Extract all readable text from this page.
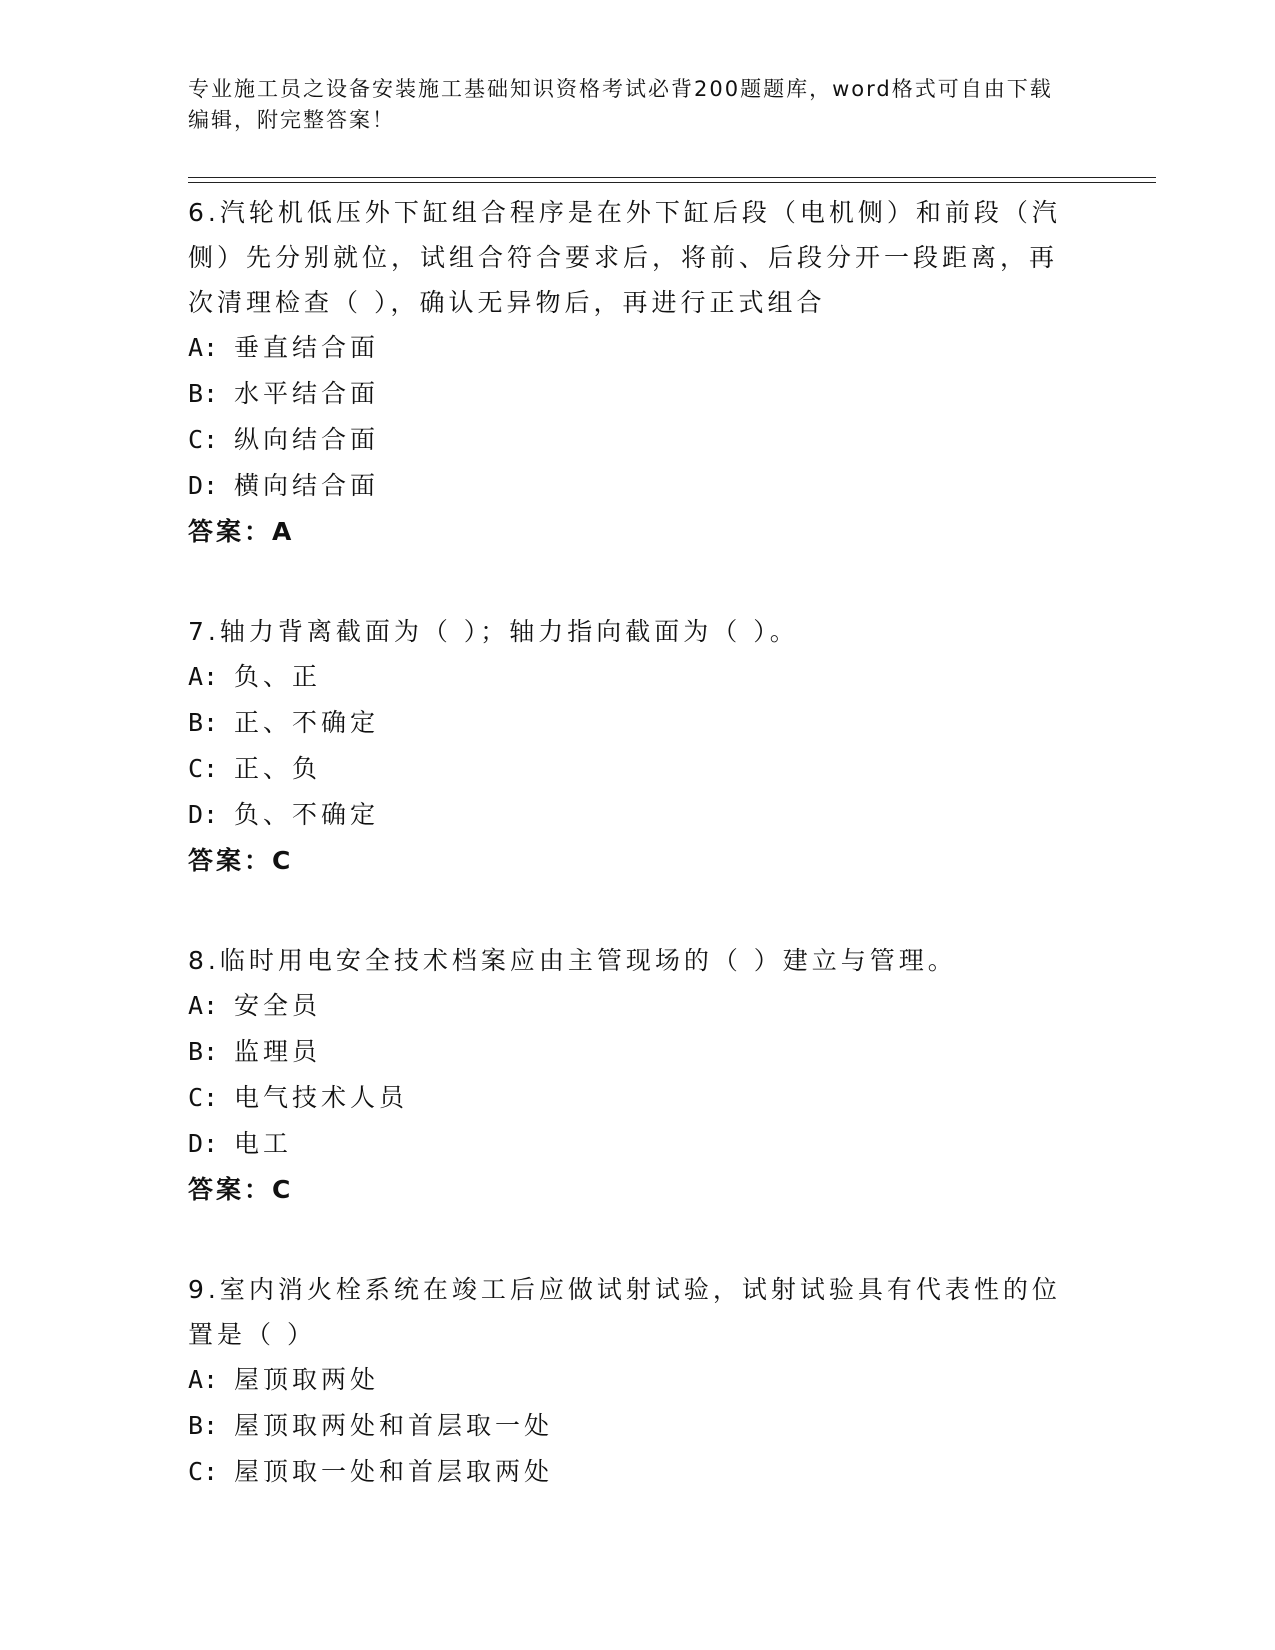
专业施工员之设备安装施工基础知识资格考试必背200题题库，word格式可自由下载编辑，附完整答案！
6.汽轮机低压外下缸组合程序是在外下缸后段（电机侧）和前段（汽侧）先分别就位，试组合符合要求后，将前、后段分开一段距离，再次清理检查（ ），确认无异物后，再进行正式组合
A: 垂直结合面
B: 水平结合面
C: 纵向结合面
D: 横向结合面
答案：A
7.轴力背离截面为（ ）；轴力指向截面为（ ）。
A: 负、正
B: 正、不确定
C: 正、负
D: 负、不确定
答案：C
8.临时用电安全技术档案应由主管现场的（ ）建立与管理。
A: 安全员
B: 监理员
C: 电气技术人员
D: 电工
答案：C
9.室内消火栓系统在竣工后应做试射试验，试射试验具有代表性的位置是（ ）
A: 屋顶取两处
B: 屋顶取两处和首层取一处
C: 屋顶取一处和首层取两处
